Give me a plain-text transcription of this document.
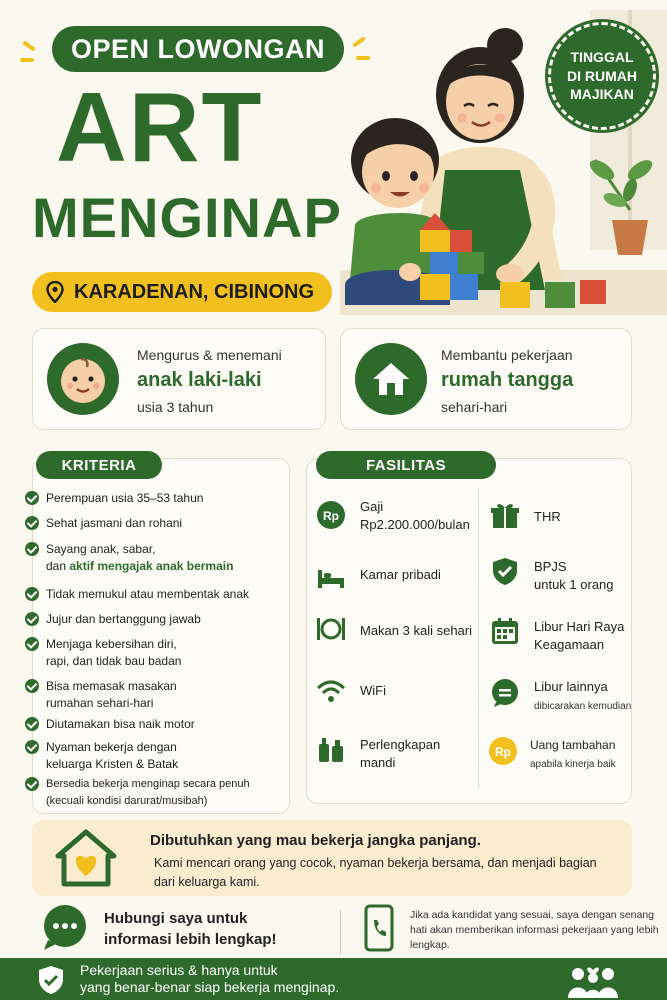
OPEN LOWONGAN
ART
MENGINAP
KARADENAN, CIBINONG
TINGGAL
DI RUMAH
MAJIKAN
Mengurus & menemani
anak laki-laki
usia 3 tahun
Membantu pekerjaan
rumah tangga
sehari-hari
KRITERIA
Perempuan usia 35–53 tahun
Sehat jasmani dan rohani
Sayang anak, sabar,
dan aktif mengajak anak bermain
Tidak memukul atau membentak anak
Jujur dan bertanggung jawab
Menjaga kebersihan diri,
rapi, dan tidak bau badan
Bisa memasak masakan
rumahan sehari-hari
Diutamakan bisa naik motor
Nyaman bekerja dengan
keluarga Kristen & Batak
Bersedia bekerja menginap secara penuh
(kecuali kondisi darurat/musibah)
FASILITAS
Rp
Gaji
Rp2.200.000/bulan
Kamar pribadi
Makan 3 kali sehari
WiFi
Perlengkapan
mandi
THR
BPJS
untuk 1 orang
Libur Hari Raya
Keagamaan
Libur lainnya
dibicarakan kemudian
Rp Uang tambahan
apabila kinerja baik
Dibutuhkan yang mau bekerja jangka panjang.
Kami mencari orang yang cocok, nyaman bekerja bersama, dan menjadi bagian dari keluarga kami.
Hubungi saya untuk
informasi lebih lengkap!
Jika ada kandidat yang sesuai, saya dengan senang hati akan memberikan informasi pekerjaan yang lebih lengkap.
Pekerjaan serius & hanya untuk
yang benar-benar siap bekerja menginap.
